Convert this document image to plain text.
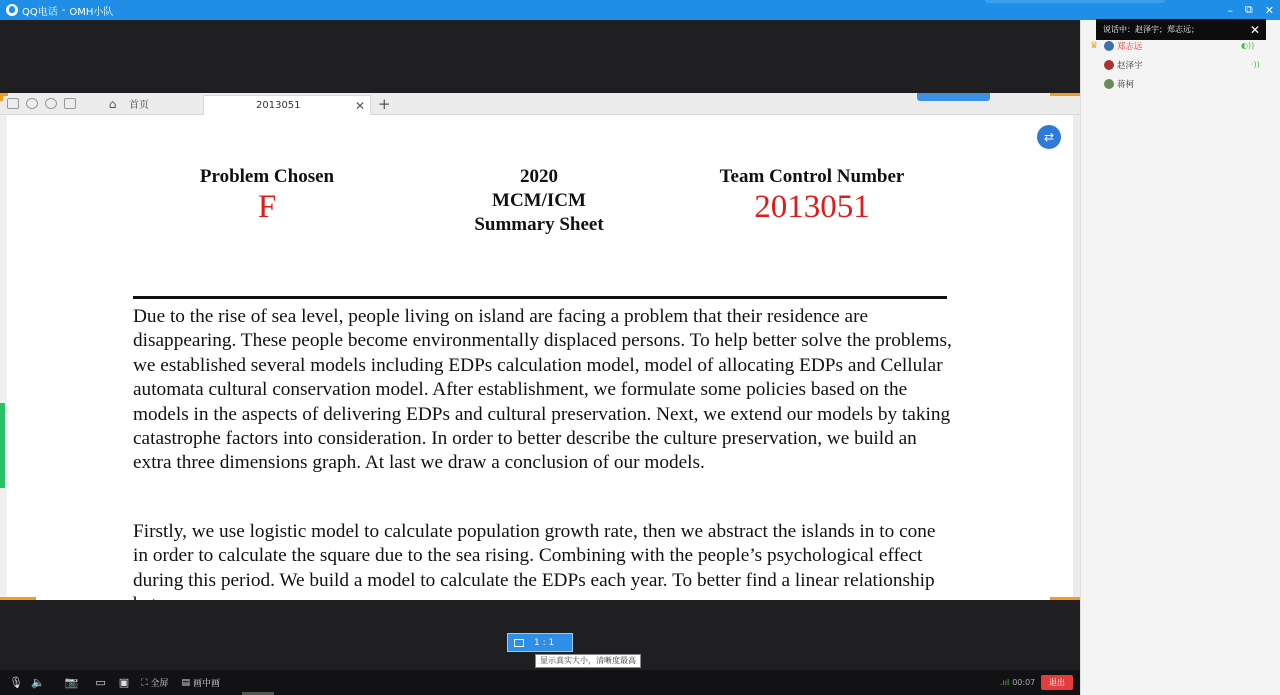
QQ电话 - OMH小队	– ⧉ ✕
⌂ 首页	2013051	✕ +
Problem Chosen
F
2020
MCM/ICM
Summary Sheet
Team Control Number
2013051
Due to the rise of sea level, people living on island are facing a problem that their residence are disappearing. These people become environmentally displaced persons. To help better solve the problems, we established several models including EDPs calculation model, model of allocating EDPs and Cellular automata cultural conservation model. After establishment, we formulate some policies based on the models in the aspects of delivering EDPs and cultural preservation. Next, we extend our models by taking catastrophe factors into consideration. In order to better describe the culture preservation, we build an extra three dimensions graph. At last we draw a conclusion of our models.
Firstly, we use logistic model to calculate population growth rate, then we abstract the islands in to cone in order to calculate the square due to the sea rising. Combining with the people’s psychological effect during this period. We build a model to calculate the EDPs each year. To better find a linear relationship
⇄
1 : 1
显示真实大小，清晰度最高
🎙 🔈 📷 ▭ ▣ ⛶ 全屏 ▤ 画中画	.ııl 00:07	退出
说话中：赵泽宇；郑志远；	✕
♛ 郑志远	◐))
赵泽宇	·))
蒋柯
